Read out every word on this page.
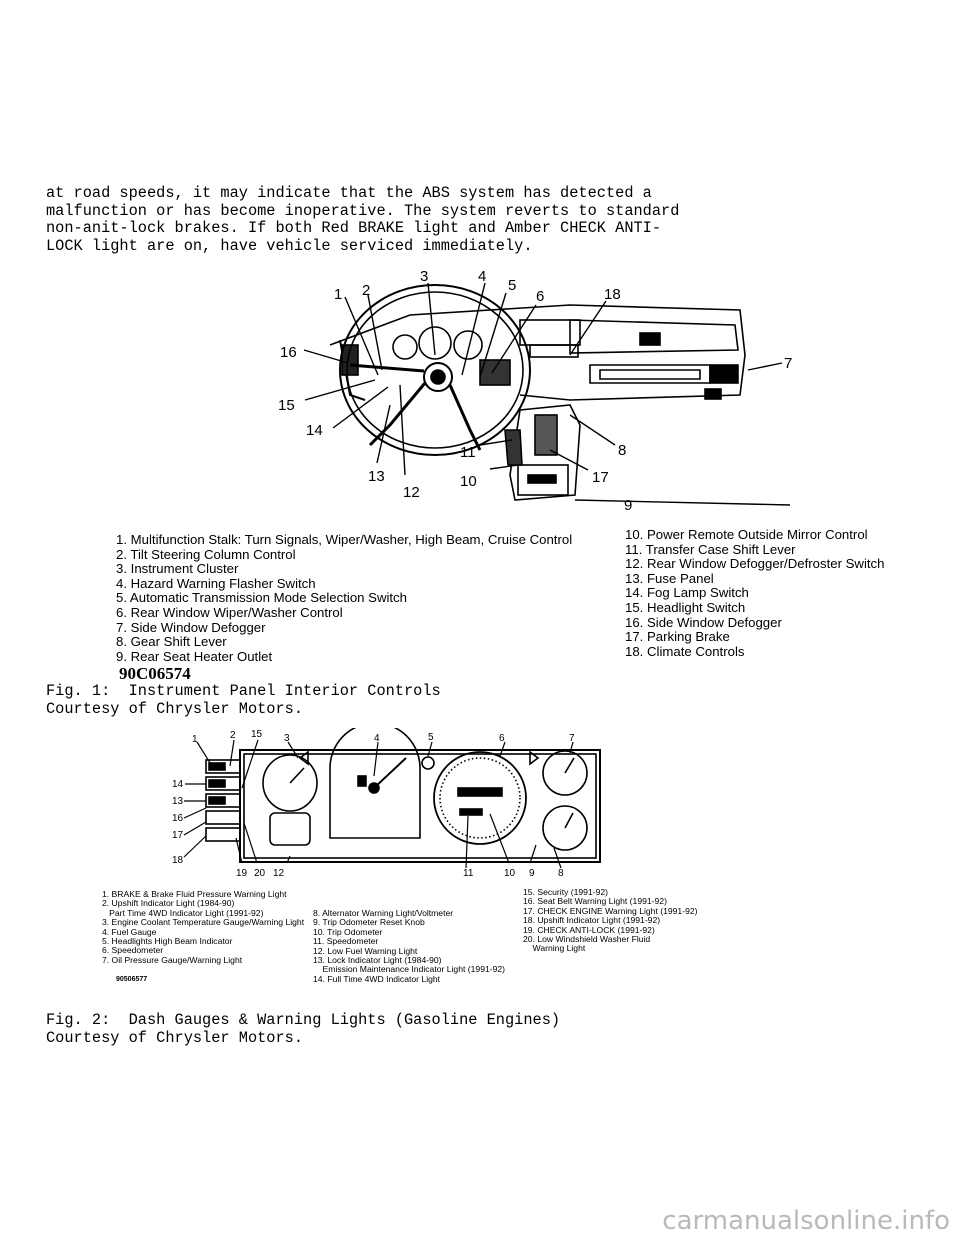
at road speeds, it may indicate that the ABS system has detected a
malfunction or has become inoperative. The system reverts to standard
non-anit-lock brakes. If both Red BRAKE light and Amber CHECK ANTI-
LOCK light are on, have vehicle serviced immediately.
1 2
3	4
5
6
7
8
9
10
11
12
13
14
15
16
17
18
1. Multifunction Stalk: Turn Signals, Wiper/Washer, High Beam, Cruise Control
2. Tilt Steering Column Control
3. Instrument Cluster
4. Hazard Warning Flasher Switch
5. Automatic Transmission Mode Selection Switch
6. Rear Window Wiper/Washer Control
7. Side Window Defogger
8. Gear Shift Lever
9. Rear Seat Heater Outlet
10. Power Remote Outside Mirror Control
11. Transfer Case Shift Lever
12. Rear Window Defogger/Defroster Switch
13. Fuse Panel
14. Fog Lamp Switch
15. Headlight Switch
16. Side Window Defogger
17. Parking Brake
18. Climate Controls
90C06574
Fig. 1:  Instrument Panel Interior Controls
Courtesy of Chrysler Motors.
1	2 15 3	4	5	6	7
14
13
16
17
18
19 20 12	11	10 9 8
1. BRAKE & Brake Fluid Pressure Warning Light
2. Upshift Indicator Light (1984-90)
Part Time 4WD Indicator Light (1991-92)
3. Engine Coolant Temperature Gauge/Warning Light
4. Fuel Gauge
5. Headlights High Beam Indicator
6. Speedometer
7. Oil Pressure Gauge/Warning Light
8. Alternator Warning Light/Voltmeter
9. Trip Odometer Reset Knob
10. Trip Odometer
11. Speedometer
12. Low Fuel Warning Light
13. Lock Indicator Light (1984-90)
Emission Maintenance Indicator Light (1991-92)
14. Full Time 4WD Indicator Light
15. Security (1991-92)
16. Seat Belt Warning Light (1991-92)
17. CHECK ENGINE Warning Light (1991-92)
18. Upshift Indicator Light (1991-92)
19. CHECK ANTI-LOCK (1991-92)
20. Low Windshield Washer Fluid
Warning Light
90506577
Fig. 2:  Dash Gauges & Warning Lights (Gasoline Engines)
Courtesy of Chrysler Motors.
carmanualsonline.info
